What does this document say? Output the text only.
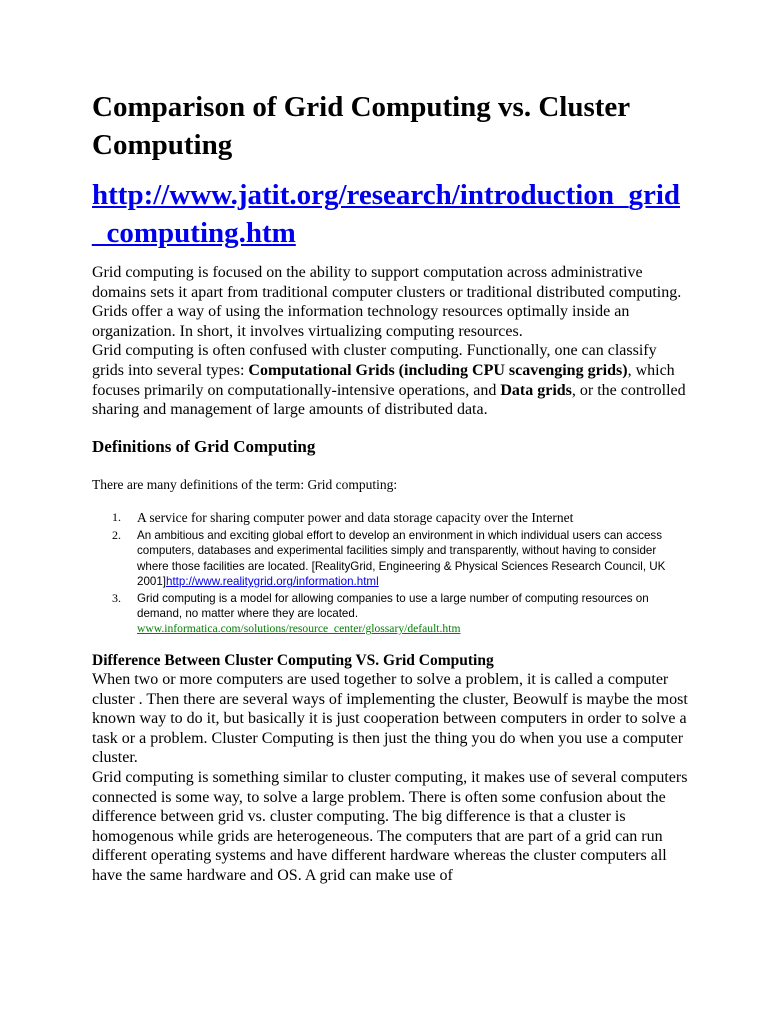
Comparison of Grid Computing vs. Cluster Computing
http://www.jatit.org/research/introduction_grid_computing.htm
Grid computing is focused on the ability to support computation across administrative domains sets it apart from traditional computer clusters or traditional distributed computing. Grids offer a way of using the information technology resources optimally inside an organization. In short, it involves virtualizing computing resources.
Grid computing is often confused with cluster computing. Functionally, one can classify grids into several types: Computational Grids (including CPU scavenging grids), which focuses primarily on computationally-intensive operations, and Data grids, or the controlled sharing and management of large amounts of distributed data.
Definitions of Grid Computing
There are many definitions of the term: Grid computing:
1. A service for sharing computer power and data storage capacity over the Internet
2. An ambitious and exciting global effort to develop an environment in which individual users can access computers, databases and experimental facilities simply and transparently, without having to consider where those facilities are located. [RealityGrid, Engineering & Physical Sciences Research Council, UK 2001]http://www.realitygrid.org/information.html
3. Grid computing is a model for allowing companies to use a large number of computing resources on demand, no matter where they are located.
www.informatica.com/solutions/resource_center/glossary/default.htm
Difference Between Cluster Computing VS. Grid Computing
When two or more computers are used together to solve a problem, it is called a computer cluster . Then there are several ways of implementing the cluster, Beowulf is maybe the most known way to do it, but basically it is just cooperation between computers in order to solve a task or a problem. Cluster Computing is then just the thing you do when you use a computer cluster.
Grid computing is something similar to cluster computing, it makes use of several computers connected is some way, to solve a large problem. There is often some confusion about the difference between grid vs. cluster computing. The big difference is that a cluster is homogenous while grids are heterogeneous. The computers that are part of a grid can run different operating systems and have different hardware whereas the cluster computers all have the same hardware and OS. A grid can make use of
